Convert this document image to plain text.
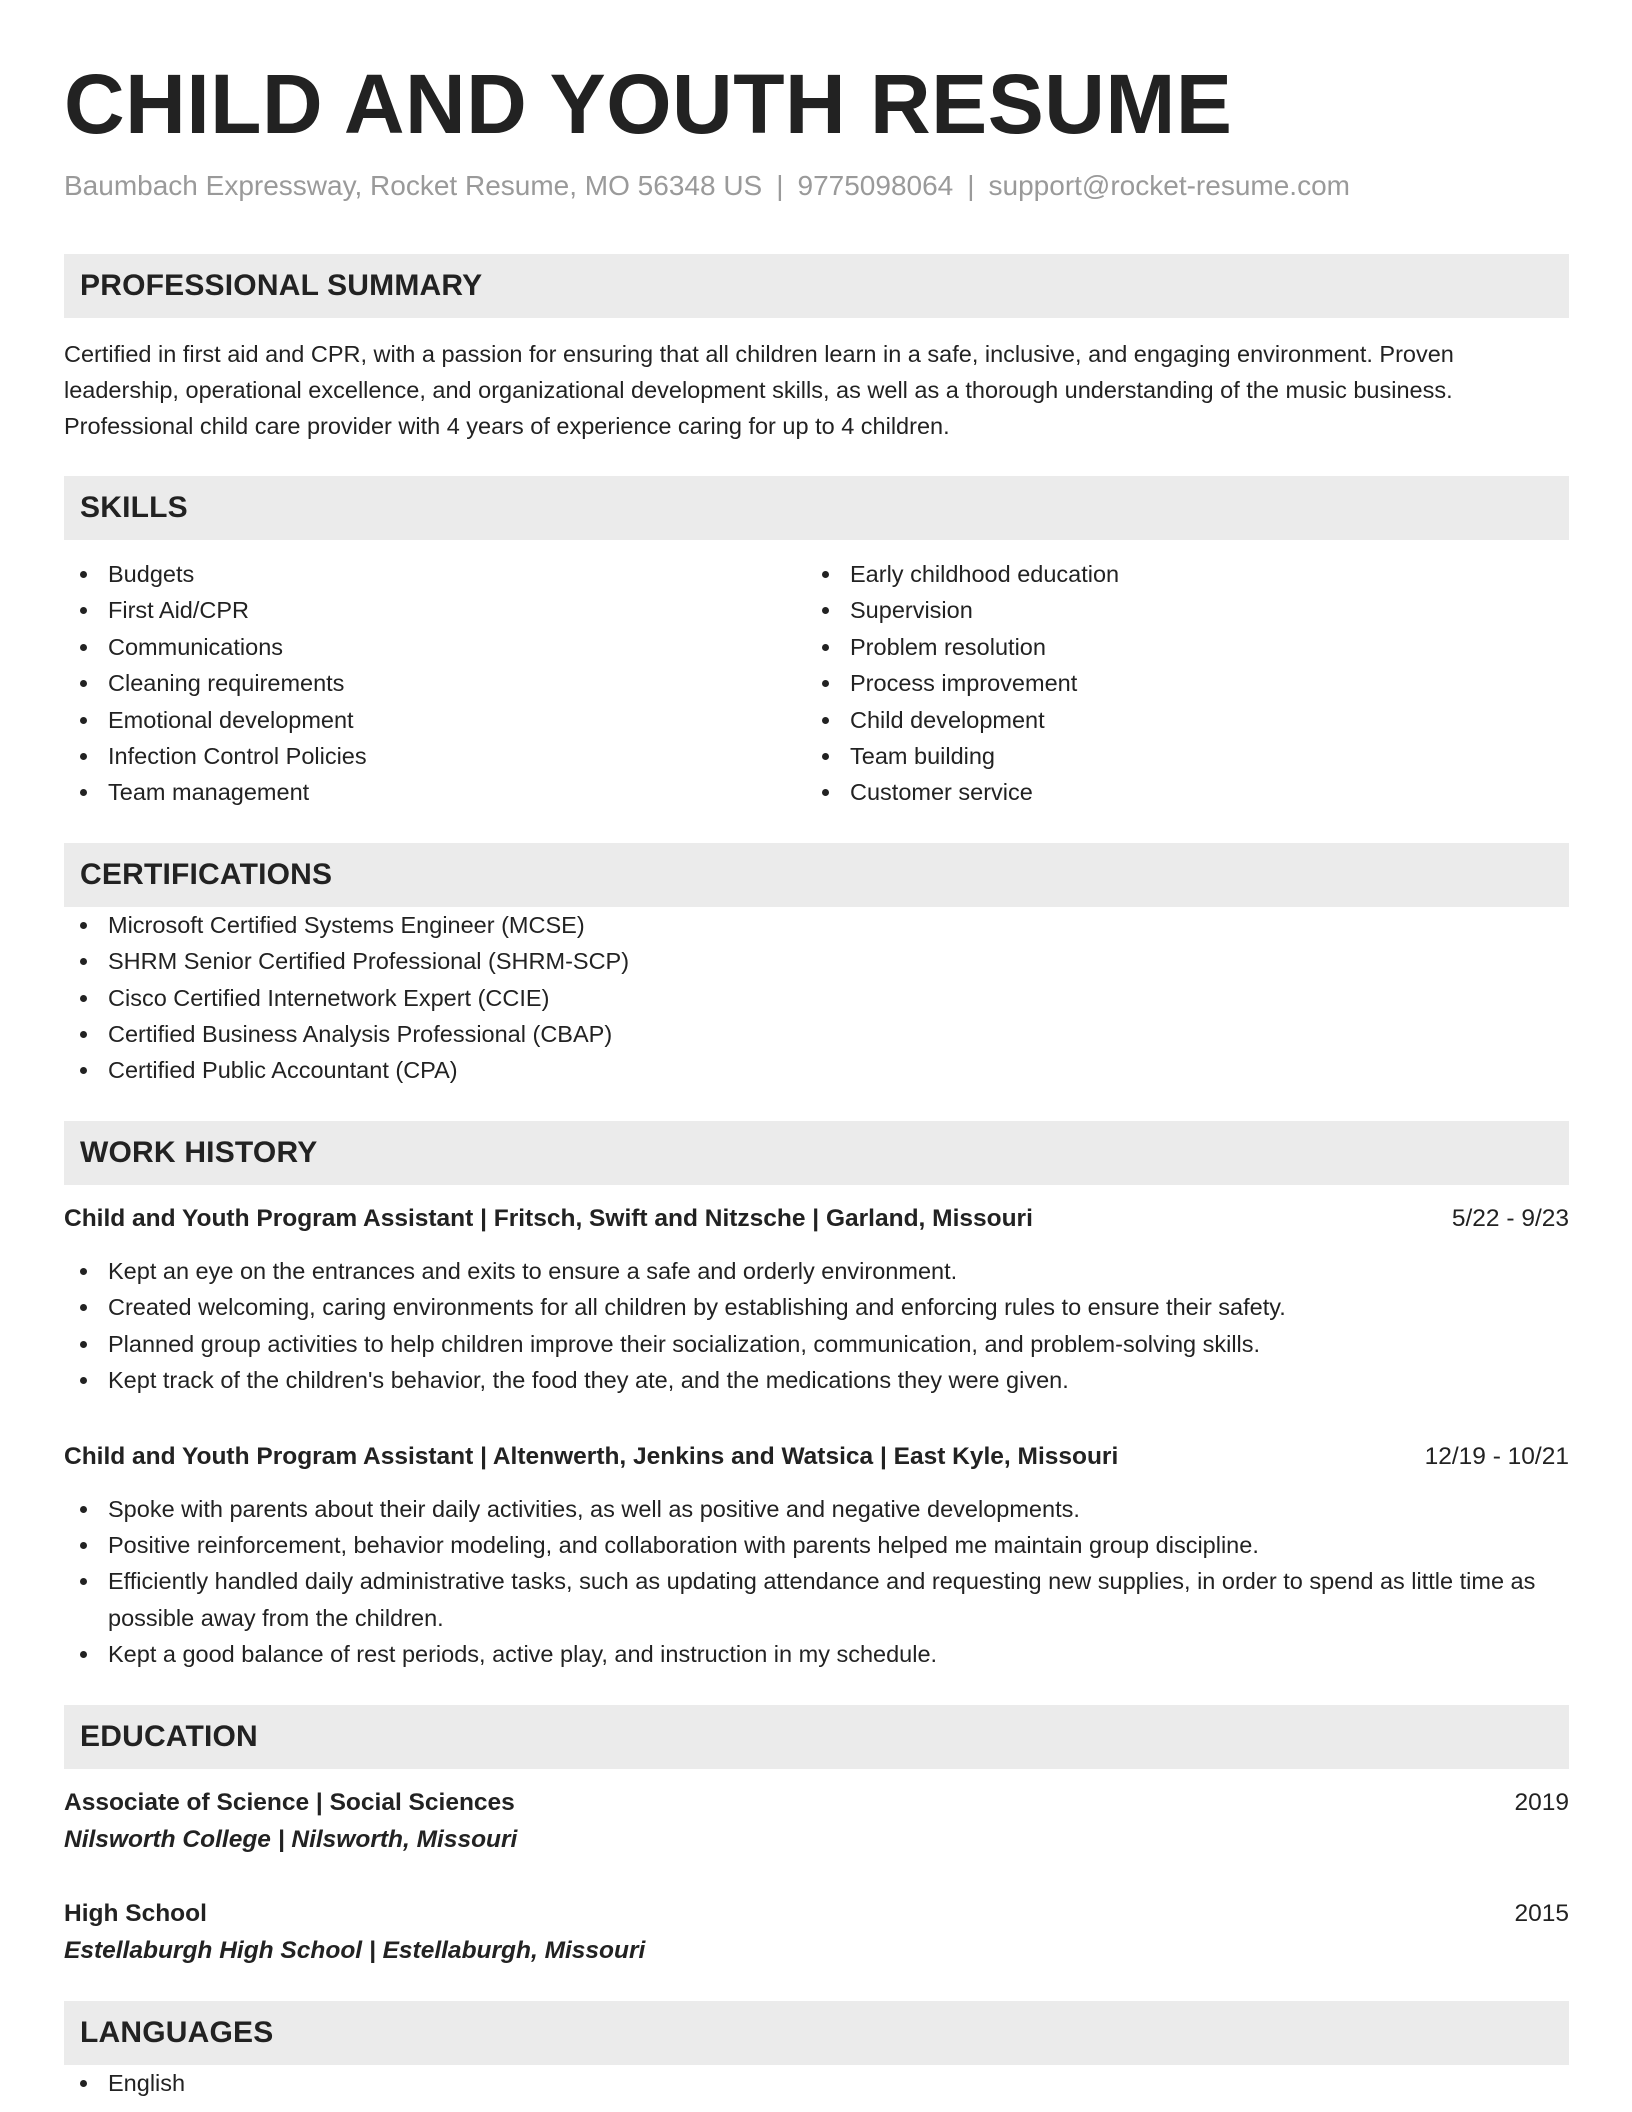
CHILD AND YOUTH RESUME
Baumbach Expressway, Rocket Resume, MO 56348 US | 9775098064 | support@rocket-resume.com
PROFESSIONAL SUMMARY
Certified in first aid and CPR, with a passion for ensuring that all children learn in a safe, inclusive, and engaging environment. Proven leadership, operational excellence, and organizational development skills, as well as a thorough understanding of the music business. Professional child care provider with 4 years of experience caring for up to 4 children.
SKILLS
Budgets
First Aid/CPR
Communications
Cleaning requirements
Emotional development
Infection Control Policies
Team management
Early childhood education
Supervision
Problem resolution
Process improvement
Child development
Team building
Customer service
CERTIFICATIONS
Microsoft Certified Systems Engineer (MCSE)
SHRM Senior Certified Professional (SHRM-SCP)
Cisco Certified Internetwork Expert (CCIE)
Certified Business Analysis Professional (CBAP)
Certified Public Accountant (CPA)
WORK HISTORY
Child and Youth Program Assistant | Fritsch, Swift and Nitzsche | Garland, Missouri	5/22 - 9/23
Kept an eye on the entrances and exits to ensure a safe and orderly environment.
Created welcoming, caring environments for all children by establishing and enforcing rules to ensure their safety.
Planned group activities to help children improve their socialization, communication, and problem-solving skills.
Kept track of the children's behavior, the food they ate, and the medications they were given.
Child and Youth Program Assistant | Altenwerth, Jenkins and Watsica | East Kyle, Missouri	12/19 - 10/21
Spoke with parents about their daily activities, as well as positive and negative developments.
Positive reinforcement, behavior modeling, and collaboration with parents helped me maintain group discipline.
Efficiently handled daily administrative tasks, such as updating attendance and requesting new supplies, in order to spend as little time as possible away from the children.
Kept a good balance of rest periods, active play, and instruction in my schedule.
EDUCATION
Associate of Science | Social Sciences	2019
Nilsworth College | Nilsworth, Missouri
High School	2015
Estellaburgh High School | Estellaburgh, Missouri
LANGUAGES
English
